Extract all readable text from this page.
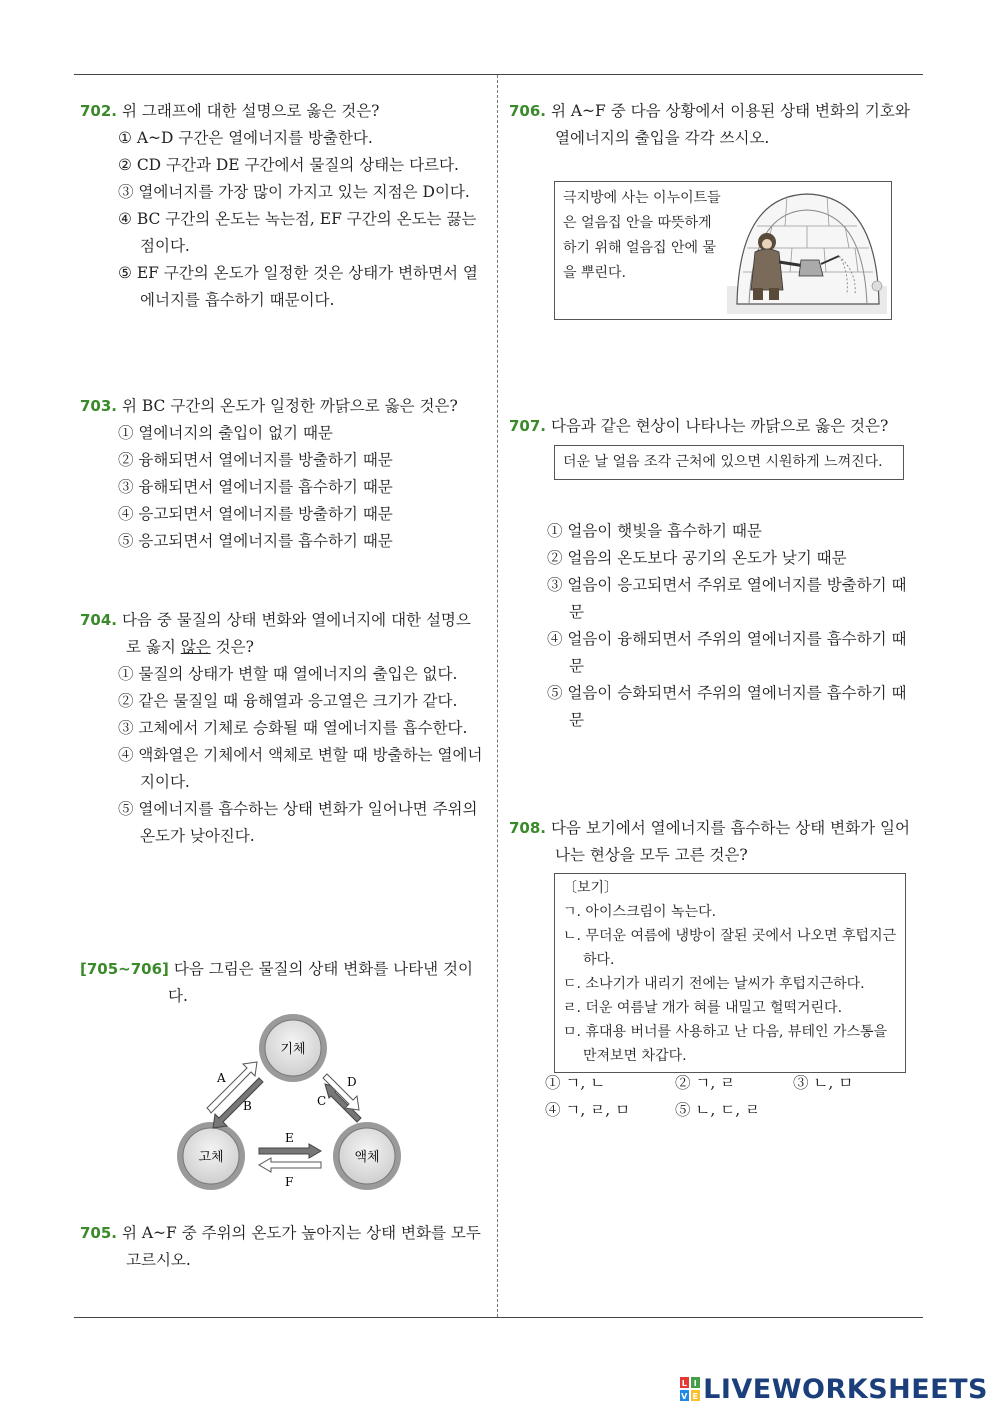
702. 위 그래프에 대한 설명으로 옳은 것은?
① A~D 구간은 열에너지를 방출한다.
② CD 구간과 DE 구간에서 물질의 상태는 다르다.
③ 열에너지를 가장 많이 가지고 있는 지점은 D이다.
④ BC 구간의 온도는 녹는점, EF 구간의 온도는 끓는점이다.
⑤ EF 구간의 온도가 일정한 것은 상태가 변하면서 열에너지를 흡수하기 때문이다.
703. 위 BC 구간의 온도가 일정한 까닭으로 옳은 것은?
① 열에너지의 출입이 없기 때문
② 융해되면서 열에너지를 방출하기 때문
③ 융해되면서 열에너지를 흡수하기 때문
④ 응고되면서 열에너지를 방출하기 때문
⑤ 응고되면서 열에너지를 흡수하기 때문
704. 다음 중 물질의 상태 변화와 열에너지에 대한 설명으로 옳지 않은 것은?
① 물질의 상태가 변할 때 열에너지의 출입은 없다.
② 같은 물질일 때 융해열과 응고열은 크기가 같다.
③ 고체에서 기체로 승화될 때 열에너지를 흡수한다.
④ 액화열은 기체에서 액체로 변할 때 방출하는 열에너지이다.
⑤ 열에너지를 흡수하는 상태 변화가 일어나면 주위의 온도가 낮아진다.
[705~706] 다음 그림은 물질의 상태 변화를 나타낸 것이다.
기체
고체	액체
A
B
D
C
E
F
705. 위 A~F 중 주위의 온도가 높아지는 상태 변화를 모두 고르시오.
706. 위 A~F 중 다음 상황에서 이용된 상태 변화의 기호와 열에너지의 출입을 각각 쓰시오.
극지방에 사는 이누이트들은 얼음집 안을 따뜻하게 하기 위해 얼음집 안에 물을 뿌린다.
707. 다음과 같은 현상이 나타나는 까닭으로 옳은 것은?
더운 날 얼음 조각 근처에 있으면 시원하게 느껴진다.
① 얼음이 햇빛을 흡수하기 때문
② 얼음의 온도보다 공기의 온도가 낮기 때문
③ 얼음이 응고되면서 주위로 열에너지를 방출하기 때문
④ 얼음이 융해되면서 주위의 열에너지를 흡수하기 때문
⑤ 얼음이 승화되면서 주위의 열에너지를 흡수하기 때문
708. 다음 보기에서 열에너지를 흡수하는 상태 변화가 일어나는 현상을 모두 고른 것은?
〔보기〕
ㄱ. 아이스크림이 녹는다.
ㄴ. 무더운 여름에 냉방이 잘된 곳에서 나오면 후텁지근하다.
ㄷ. 소나기가 내리기 전에는 날씨가 후텁지근하다.
ㄹ. 더운 여름날 개가 혀를 내밀고 헐떡거린다.
ㅁ. 휴대용 버너를 사용하고 난 다음, 뷰테인 가스통을 만져보면 차갑다.
① ㄱ, ㄴ	② ㄱ, ㄹ	③ ㄴ, ㅁ
④ ㄱ, ㄹ, ㅁ	⑤ ㄴ, ㄷ, ㄹ
L I
V E LIVEWORKSHEETS
